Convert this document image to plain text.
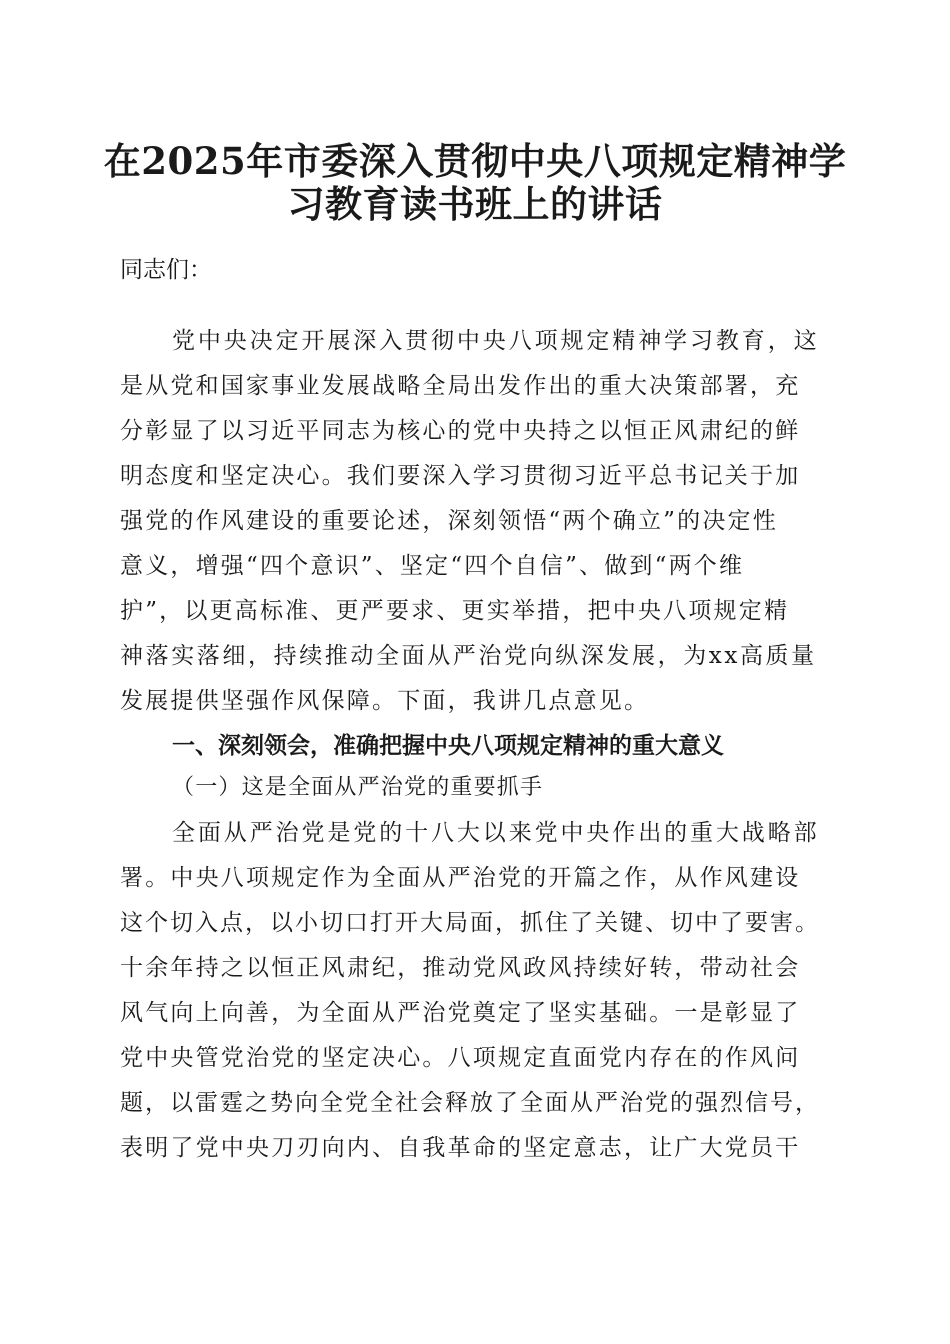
在2025年市委深入贯彻中央八项规定精神学
习教育读书班上的讲话

同志们：

党中央决定开展深入贯彻中央八项规定精神学习教育，这

是从党和国家事业发展战略全局出发作出的重大决策部署，充

分彰显了以习近平同志为核心的党中央持之以恒正风肃纪的鲜

明态度和坚定决心。我们要深入学习贯彻习近平总书记关于加

强党的作风建设的重要论述，深刻领悟“两个确立”的决定性

意义，增强“四个意识”、坚定“四个自信”、做到“两个维

护”，以更高标准、更严要求、更实举措，把中央八项规定精

神落实落细，持续推动全面从严治党向纵深发展，为xx高质量

发展提供坚强作风保障。下面，我讲几点意见。

一、深刻领会，准确把握中央八项规定精神的重大意义

（一）这是全面从严治党的重要抓手

全面从严治党是党的十八大以来党中央作出的重大战略部

署。中央八项规定作为全面从严治党的开篇之作，从作风建设

这个切入点，以小切口打开大局面，抓住了关键、切中了要害。

十余年持之以恒正风肃纪，推动党风政风持续好转，带动社会

风气向上向善，为全面从严治党奠定了坚实基础。一是彰显了

党中央管党治党的坚定决心。八项规定直面党内存在的作风问

题，以雷霆之势向全党全社会释放了全面从严治党的强烈信号，

表明了党中央刀刃向内、自我革命的坚定意志，让广大党员干
